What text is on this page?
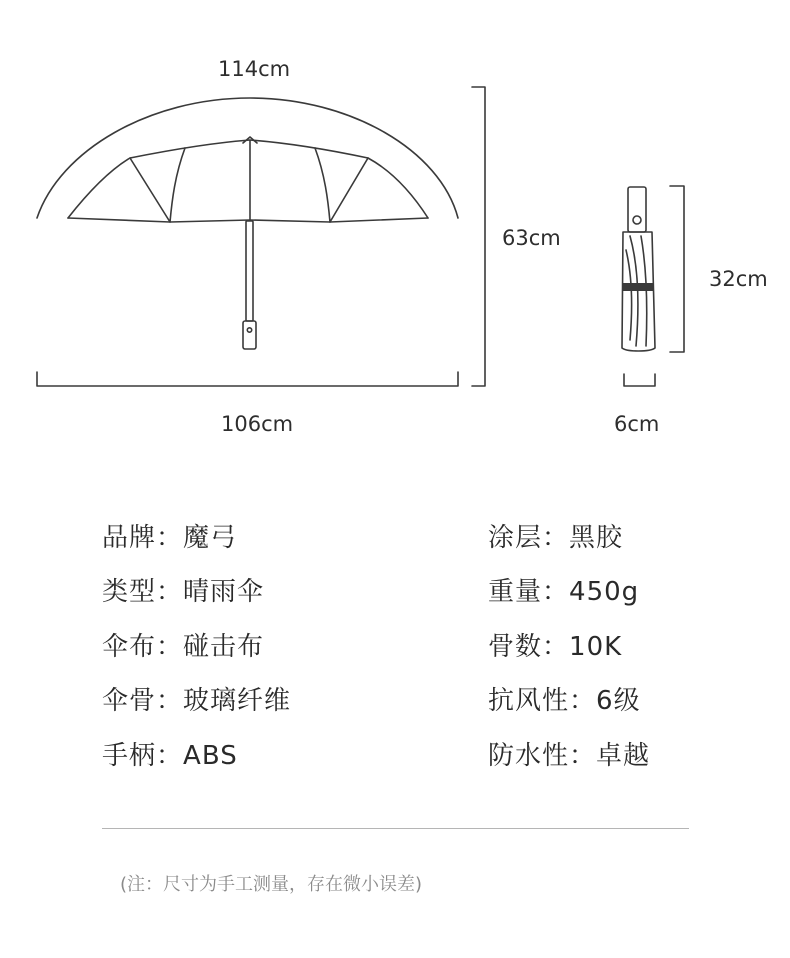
114cm
106cm
63cm
32cm
6cm
品牌：魔弓
类型：晴雨伞
伞布：碰击布
伞骨：玻璃纤维
手柄：ABS
涂层：黑胶
重量：450g
骨数：10K
抗风性：6级
防水性：卓越
(注：尺寸为手工测量，存在微小误差)
